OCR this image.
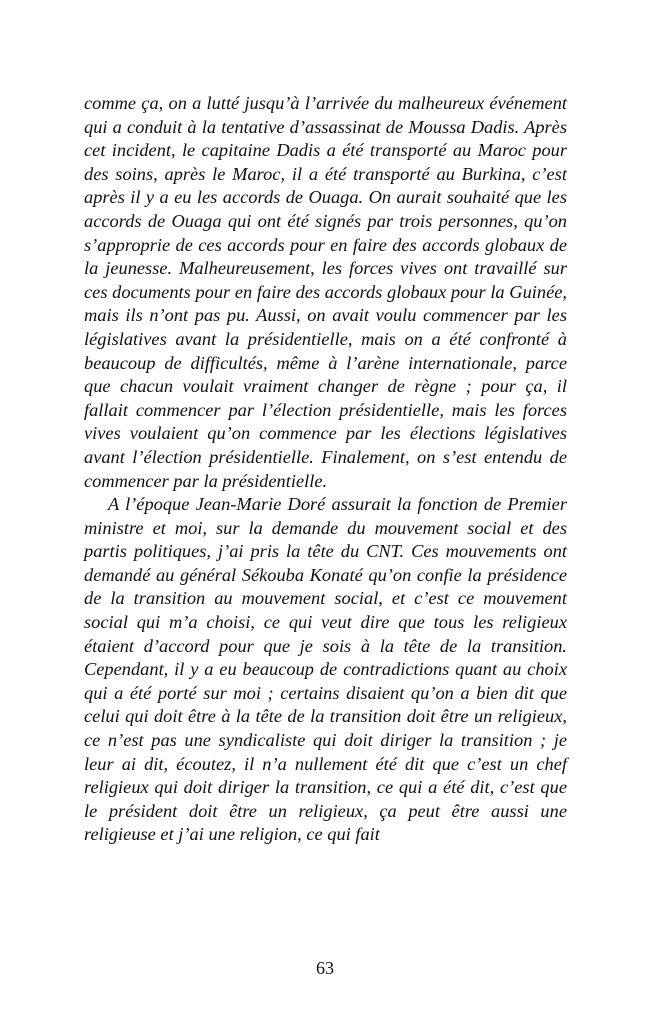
comme ça, on a lutté jusqu’à l’arrivée du malheureux événement qui a conduit à la tentative d’assassinat de Moussa Dadis. Après cet incident, le capitaine Dadis a été transporté au Maroc pour des soins, après le Maroc, il a été transporté au Burkina, c’est après il y a eu les accords de Ouaga. On aurait souhaité que les accords de Ouaga qui ont été signés par trois personnes, qu’on s’approprie de ces accords pour en faire des accords globaux de la jeunesse. Malheureusement, les forces vives ont travaillé sur ces documents pour en faire des accords globaux pour la Guinée, mais ils n’ont pas pu. Aussi, on avait voulu commencer par les législatives avant la présidentielle, mais on a été confronté à beaucoup de difficultés, même à l’arène internationale, parce que chacun voulait vraiment changer de règne ; pour ça, il fallait commencer par l’élection présidentielle, mais les forces vives voulaient qu’on commence par les élections législatives avant l’élection présidentielle. Finalement, on s’est entendu de commencer par la présidentielle.

A l’époque Jean-Marie Doré assurait la fonction de Premier ministre et moi, sur la demande du mouvement social et des partis politiques, j’ai pris la tête du CNT. Ces mouvements ont demandé au général Sékouba Konaté qu’on confie la présidence de la transition au mouvement social, et c’est ce mouvement social qui m’a choisi, ce qui veut dire que tous les religieux étaient d’accord pour que je sois à la tête de la transition. Cependant, il y a eu beaucoup de contradictions quant au choix qui a été porté sur moi ; certains disaient qu’on a bien dit que celui qui doit être à la tête de la transition doit être un religieux, ce n’est pas une syndicaliste qui doit diriger la transition ; je leur ai dit, écoutez, il n’a nullement été dit que c’est un chef religieux qui doit diriger la transition, ce qui a été dit, c’est que le président doit être un religieux, ça peut être aussi une religieuse et j’ai une religion, ce qui fait

63
